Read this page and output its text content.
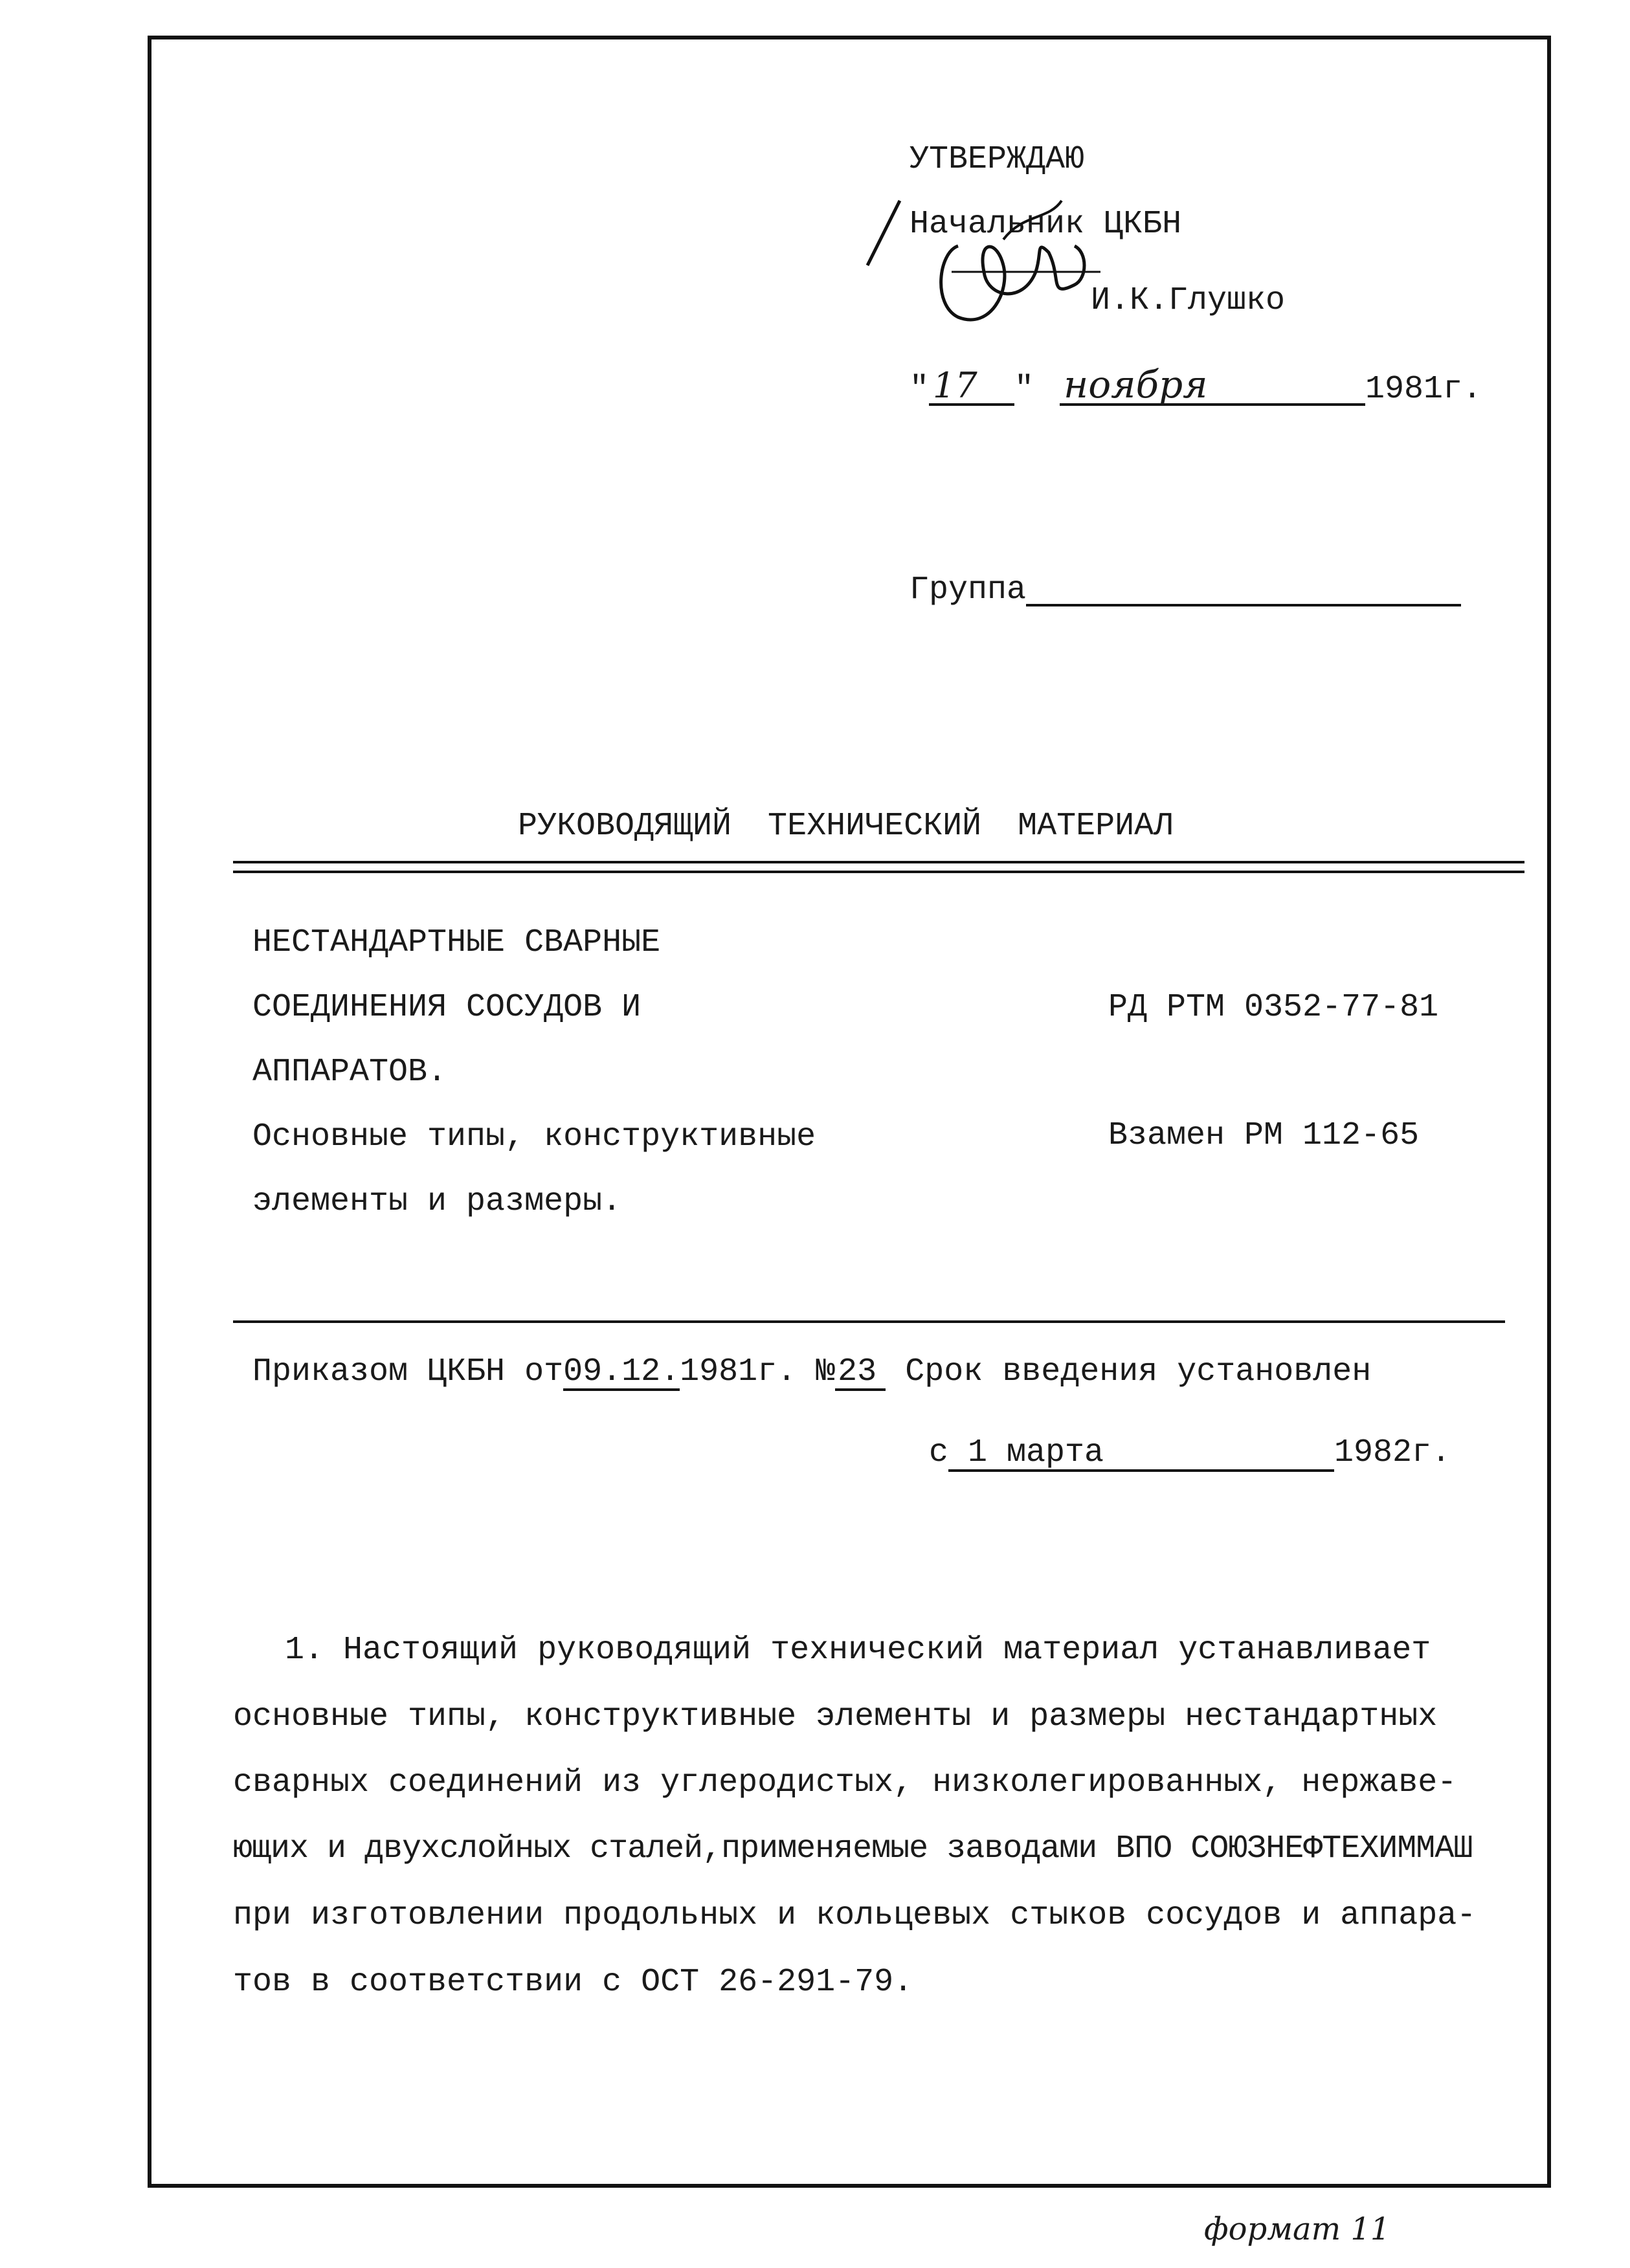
УТВЕРЖДАЮ
Начальник ЦКБН
И.К.Глушко
" 17 " ноября	1981г.
Группа
РУКОВОДЯЩИЙ ТЕХНИЧЕСКИЙ МАТЕРИАЛ
НЕСТАНДАРТНЫЕ СВАРНЫЕ
СОЕДИНЕНИЯ СОСУДОВ И
АППАРАТОВ.
Основные типы, конструктивные
элементы и размеры.
РД РТМ 0352-77-81
Взамен РМ 112-65
Приказом ЦКБН от09.12.1981г. №23 Срок введения установлен
с 1 марта	1982г.
1. Настоящий руководящий технический материал устанавливает
основные типы, конструктивные элементы и размеры нестандартных
сварных соединений из углеродистых, низколегированных, нержаве-
ющих и двухслойных сталей,применяемые заводами ВПО СОЮЗНЕФТЕХИММАШ
при изготовлении продольных и кольцевых стыков сосудов и аппара-
тов в соответствии с ОСТ 26-291-79.
формат 11
